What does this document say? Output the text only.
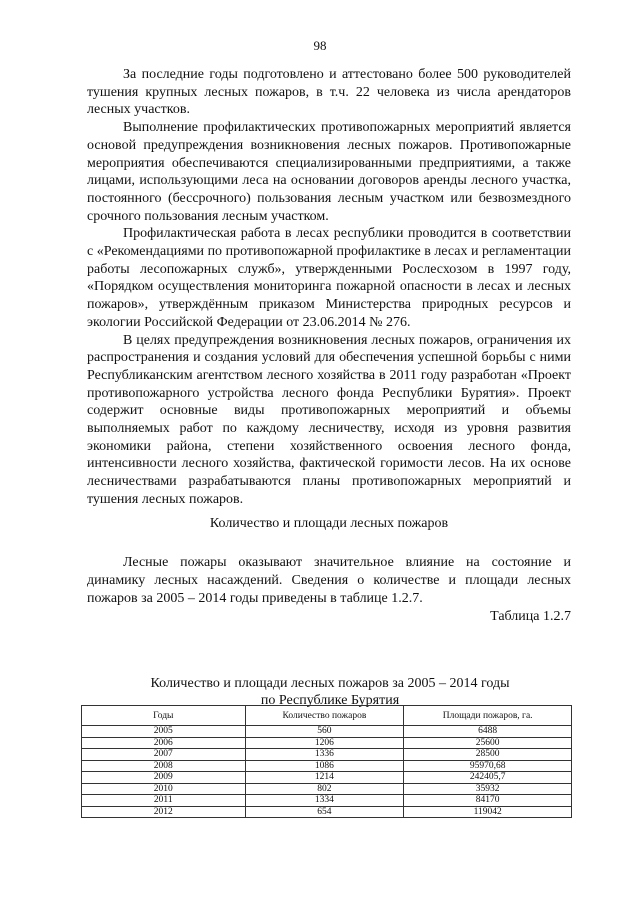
98

За последние годы подготовлено и аттестовано более 500 руководителей тушения крупных лесных пожаров, в т.ч. 22 человека из числа арендаторов лесных участков.

Выполнение профилактических противопожарных мероприятий является основой предупреждения возникновения лесных пожаров. Противопожарные мероприятия обеспечиваются специализированными предприятиями, а также лицами, использующими леса на основании договоров аренды лесного участка, постоянного (бессрочного) пользования лесным участком или безвозмездного срочного пользования лесным участком.

Профилактическая работа в лесах республики проводится в соответствии с «Рекомендациями по противопожарной профилактике в лесах и регламентации работы лесопожарных служб», утвержденными Рослесхозом в 1997 году, «Порядком осуществления мониторинга пожарной опасности в лесах и лесных пожаров», утверждённым приказом Министерства природных ресурсов и экологии Российской Федерации от 23.06.2014 № 276.

В целях предупреждения возникновения лесных пожаров, ограничения их распространения и создания условий для обеспечения успешной борьбы с ними Республиканским агентством лесного хозяйства в 2011 году разработан «Проект противопожарного устройства лесного фонда Республики Бурятия». Проект содержит основные виды противопожарных мероприятий и объемы выполняемых работ по каждому лесничеству, исходя из уровня развития экономики района, степени хозяйственного освоения лесного фонда, интенсивности лесного хозяйства, фактической горимости лесов. На их основе лесничествами разрабатываются планы противопожарных мероприятий и тушения лесных пожаров.

Количество и площади лесных пожаров

Лесные пожары оказывают значительное влияние на состояние и динамику лесных насаждений. Сведения о количестве и площади лесных пожаров за 2005 – 2014 годы приведены в таблице 1.2.7.

Таблица 1.2.7

Количество и площади лесных пожаров за 2005 – 2014 годы
по Республике Бурятия
Годы	Количество пожаров	Площади пожаров, га.
2005	560	6488
2006	1206	25600
2007	1336	28500
2008	1086	95970,68
2009	1214	242405,7
2010	802	35932
2011	1334	84170
2012	654	119042
